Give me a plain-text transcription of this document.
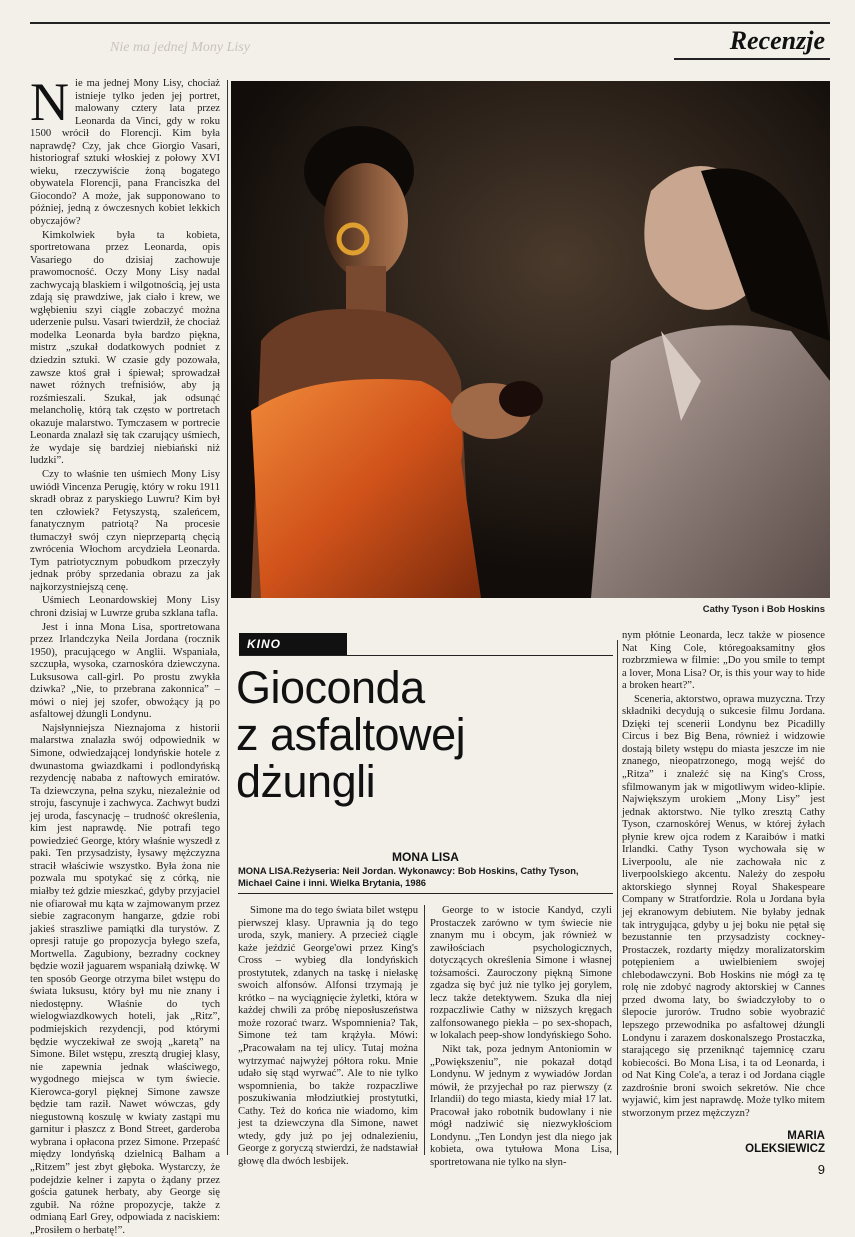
Recenzje
Nie ma jednej Mony Lisy

Nie ma jednej Mony Lisy, chociaż istnieje tylko jeden jej portret, malowany cztery lata przez Leonarda da Vinci, gdy w roku 1500 wrócił do Florencji. Kim była naprawdę? Czy, jak chce Giorgio Vasari, historiograf sztuki włoskiej z połowy XVI wieku, rzeczywiście żoną bogatego obywatela Florencji, pana Franciszka del Giocondo? A może, jak supponowano to później, jedną z ówczesnych kobiet lekkich obyczajów?

Kimkolwiek była ta kobieta, sportretowana przez Leonarda, opis Vasariego do dzisiaj zachowuje prawomocność. Oczy Mony Lisy nadal zachwycają blaskiem i wilgotnością, jej usta zdają się prawdziwe, jak ciało i krew, we wgłębieniu szyi ciągle zobaczyć można uderzenie pulsu. Vasari twierdził, że chociaż modelka Leonarda była bardzo piękna, mistrz „szukał dodatkowych podniet z dziedzin sztuki. W czasie gdy pozowała, zawsze ktoś grał i śpiewał; sprowadzał nawet różnych trefnisiów, aby ją rozśmieszali. Szukał, jak odsunąć melancholię, którą tak często w portretach okazuje malarstwo. Tymczasem w portrecie Leonarda znalazł się tak czarujący uśmiech, że wydaje się bardziej niebiański niż ludzki”.

Czy to właśnie ten uśmiech Mony Lisy uwiódł Vincenza Perugię, który w roku 1911 skradł obraz z paryskiego Luwru? Kim był ten człowiek? Fetyszystą, szaleńcem, fanatycznym patriotą? Na procesie tłumaczył swój czyn nieprzepartą chęcią zwrócenia Włochom arcydzieła Leonarda. Tym patriotycznym pobudkom przeczyły jednak próby sprzedania obrazu za jak najkorzystniejszą cenę.

Uśmiech Leonardowskiej Mony Lisy chroni dzisiaj w Luwrze gruba szklana tafla.

Jest i inna Mona Lisa, sportretowana przez Irlandczyka Neila Jordana (rocznik 1950), pracującego w Anglii. Wspaniała, szczupła, wysoka, czarnoskóra dziewczyna. Luksusowa call-girl. Po prostu zwykła dziwka? „Nie, to przebrana zakonnica” – mówi o niej jej szofer, obwożący ją po asfaltowej dżungli Londynu.

Najsłynniejsza Nieznajoma z historii malarstwa znalazła swój odpowiednik w Simone, odwiedzającej londyńskie hotele z dwunastoma gwiazdkami i podlondyńską rezydencję nababa z naftowych emiratów. Ta dziewczyna, pełna szyku, niezależnie od stroju, fascynuje i zachwyca. Zachwyt budzi jej uroda, fascynację – trudność określenia, kim jest naprawdę. Nie potrafi tego powiedzieć George, który właśnie wyszedł z paki. Ten przysadzisty, łysawy mężczyzna stracił właściwie wszystko. Była żona nie pozwala mu spotykać się z córką, nie miałby też gdzie mieszkać, gdyby przyjaciel nie ofiarował mu kąta w zajmowanym przez siebie zagraconym hangarze, gdzie robi jakieś straszliwe pamiątki dla turystów. Z opresji ratuje go propozycja byłego szefa, Mortwella. Zagubiony, bezradny cockney będzie woził jaguarem wspaniałą dziwkę. W ten sposób George otrzyma bilet wstępu do świata luksusu, który był mu nie znany i niedostępny. Właśnie do tych wielogwiazdkowych hoteli, jak „Ritz”, podmiejskich rezydencji, pod którymi będzie wyczekiwał ze swoją „karetą” na Simone. Bilet wstępu, zresztą drugiej klasy, nie zapewnia jednak właściwego, wygodnego miejsca w tym świecie. Kierowca-goryl pięknej Simone zawsze będzie tam raził. Nawet wówczas, gdy niegustowną koszulę w kwiaty zastąpi mu garnitur i płaszcz z Bond Street, garderoba wybrana i opłacona przez Simone. Przepaść między londyńską dzielnicą Balham a „Ritzem” jest zbyt głęboka. Wystarczy, że podejdzie kelner i zapyta o żądany przez gościa gatunek herbaty, aby George się zgubił. Na różne propozycje, także z odmianą Earl Grey, odpowiada z naciskiem: „Prosiłem o herbatę!”.

Cathy Tyson i Bob Hoskins
KINO
Gioconda
z asfaltowej
dżungli
MONA LISA
MONA LISA.Reżyseria: Neil Jordan. Wykonawcy: Bob Hoskins, Cathy Tyson, Michael Caine i inni. Wielka Brytania, 1986

Simone ma do tego świata bilet wstępu pierwszej klasy. Uprawnia ją do tego uroda, szyk, maniery. A przecież ciągle każe jeździć George'owi przez King's Cross – wybieg dla londyńskich prostytutek, zdanych na taskę i niełaskę swoich alfonsów. Alfonsi trzymają je krótko – na wyciągnięcie żyletki, która w każdej chwili za próbę nieposłuszeństwa może rozorać twarz. Wspomnienia? Tak, Simone też tam krążyła. Mówi: „Pracowałam na tej ulicy. Tutaj można wytrzymać najwyżej półtora roku. Mnie udało się stąd wyrwać”. Ale to nie tylko wspomnienia, bo także rozpaczliwe poszukiwania młodziutkiej prostytutki, Cathy. Też do końca nie wiadomo, kim jest ta dziewczyna dla Simone, nawet wtedy, gdy już po jej odnalezieniu, George z goryczą stwierdzi, że nadstawiał głowę dla dwóch lesbijek.

George to w istocie Kandyd, czyli Prostaczek zarówno w tym świecie nie znanym mu i obcym, jak również w zawiłościach psychologicznych, dotyczących określenia Simone i własnej tożsamości. Zauroczony piękną Simone zgadza się być już nie tylko jej gorylem, lecz także detektywem. Szuka dla niej rozpaczliwie Cathy w niższych kręgach zalfonsowanego piekła – po sex-shopach, w lokalach peep-show londyńskiego Soho.

Nikt tak, poza jednym Antoniomin w „Powiększeniu”, nie pokazał dotąd Londynu. W jednym z wywiadów Jordan mówił, że przyjechał po raz pierwszy (z Irlandii) do tego miasta, kiedy miał 17 lat. Pracował jako robotnik budowlany i nie mógł nadziwić się niezwykłościom Londynu. „Ten Londyn jest dla niego jak kobieta, owa tytułowa Mona Lisa, sportretowana nie tylko na słyn-

nym płótnie Leonarda, lecz także w piosence Nat King Cole, któregoaksamitny głos rozbrzmiewa w filmie: „Do you smile to tempt a lover, Mona Lisa? Or, is this your way to hide a broken heart?”.

Sceneria, aktorstwo, oprawa muzyczna. Trzy składniki decydują o sukcesie filmu Jordana. Dzięki tej scenerii Londynu bez Picadilly Circus i bez Big Bena, również i widzowie dostają bilety wstępu do miasta jeszcze im nie znanego, nieopatrzonego, mogą wejść do „Ritza” i znaleźć się na King's Cross, sfilmowanym jak w migotliwym wideo-klipie. Największym urokiem „Mony Lisy” jest jednak aktorstwo. Nie tylko zresztą Cathy Tyson, czarnoskórej Wenus, w której żyłach płynie krew ojca rodem z Karaibów i matki Irlandki. Cathy Tyson wychowała się w Liverpoolu, ale nie zachowała nic z liverpoolskiego akcentu. Należy do zespołu aktorskiego słynnej Royal Shakespeare Company w Stratfordzie. Rola u Jordana była jej ekranowym debiutem. Nie byłaby jednak tak intrygująca, gdyby u jej boku nie pętał się bezustannie ten przysadzisty cockney-Prostaczek, rozdarty między moralizatorskim potępieniem a uwielbieniem swojej chlebodawczyni. Bob Hoskins nie mógł za tę rolę nie zdobyć nagrody aktorskiej w Cannes przed dwoma laty, bo świadczyłoby to o ślepocie jurorów. Trudno sobie wyobrazić lepszego przewodnika po asfaltowej dżungli Londynu i zarazem doskonalszego Prostaczka, starającego się przeniknąć tajemnicę czaru kobiecości. Bo Mona Lisa, i ta od Leonarda, i od Nat King Cole'a, a teraz i od Jordana ciągle zazdrośnie broni swoich sekretów. Nie chce wyjawić, kim jest naprawdę. Może tylko mitem stworzonym przez mężczyzn?

MARIA
OLEKSIEWICZ
9
